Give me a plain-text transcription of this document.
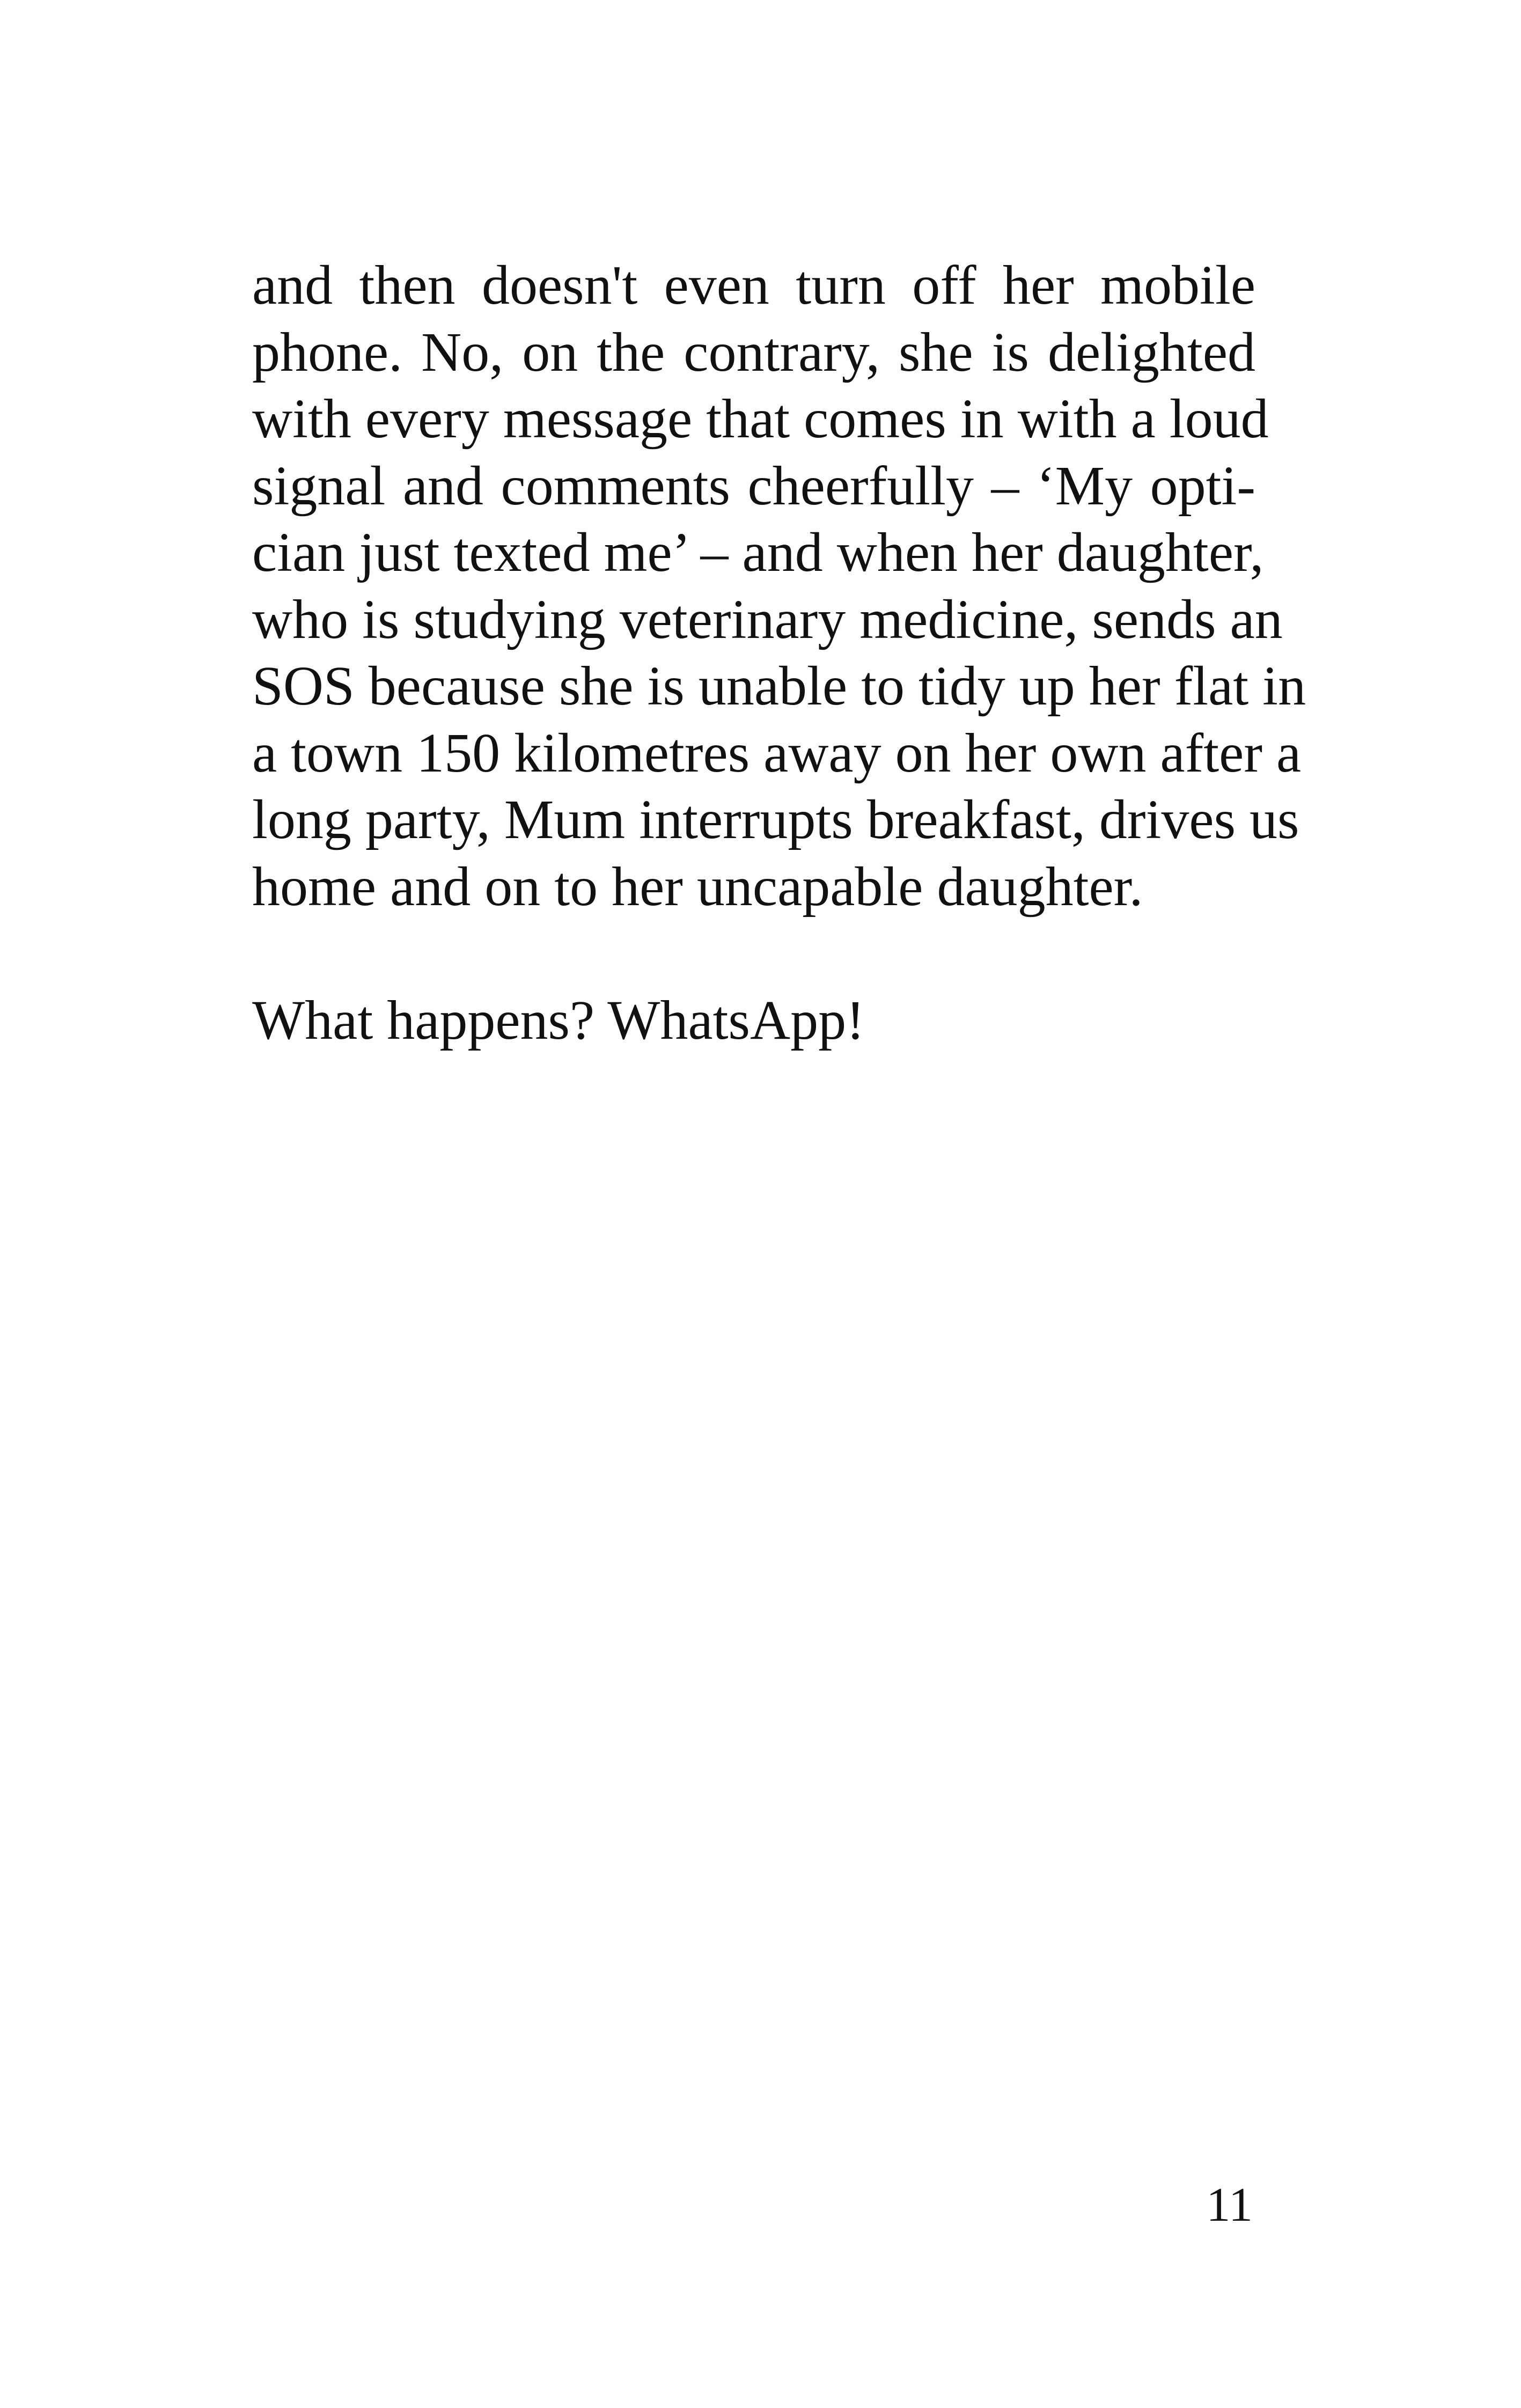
and then doesn't even turn off her mobile
phone. No, on the contrary, she is delighted
with every message that comes in with a loud
signal and comments cheerfully – ‘My opti-
cian just texted me’ – and when her daughter,
who is studying veterinary medicine, sends an
SOS because she is unable to tidy up her flat in
a town 150 kilometres away on her own after a
long party, Mum interrupts breakfast, drives us
home and on to her uncapable daughter.
What happens? WhatsApp!
11
